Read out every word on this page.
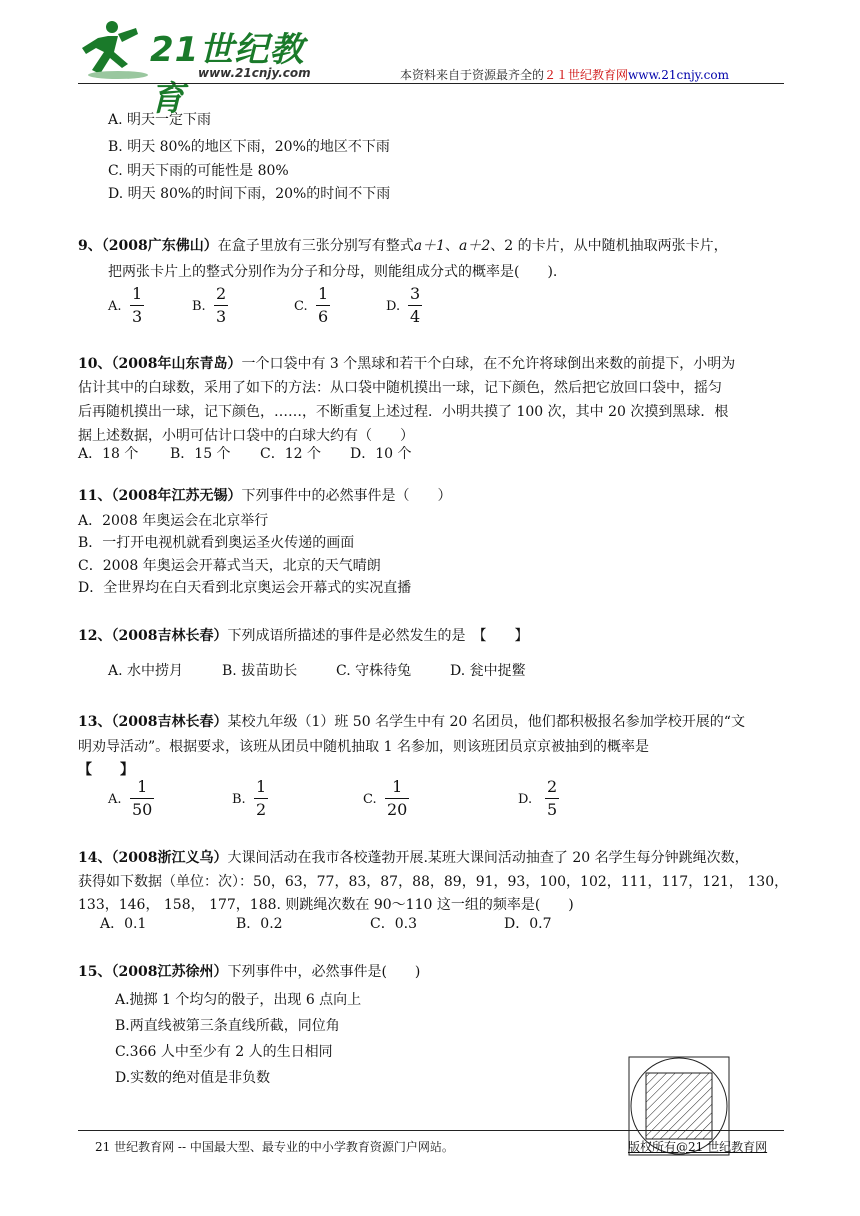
21世纪教育
www.21cnjy.com	本资料来自于资源最齐全的２１世纪教育网www.21cnjy.com
A. 明天一定下雨
B. 明天 80%的地区下雨，20%的地区不下雨
C. 明天下雨的可能性是 80%
D. 明天 80%的时间下雨，20%的时间不下雨
9、（2008广东佛山）在盒子里放有三张分别写有整式a＋1、a＋2、2 的卡片，从中随机抽取两张卡片，
把两张卡片上的整式分别作为分子和分母，则能组成分式的概率是(　　).
A.
1
3
B.
2
3
C.
1
6
D.
3
4
10、（2008年山东青岛）一个口袋中有 3 个黑球和若干个白球，在不允许将球倒出来数的前提下，小明为
估计其中的白球数，采用了如下的方法：从口袋中随机摸出一球，记下颜色，然后把它放回口袋中，摇匀
后再随机摸出一球，记下颜色，……，不断重复上述过程．小明共摸了 100 次，其中 20 次摸到黑球．根
据上述数据，小明可估计口袋中的白球大约有（　　）
A．18 个 B．15 个 C．12 个 D．10 个
11、（2008年江苏无锡）下列事件中的必然事件是（　　）
A．2008 年奥运会在北京举行
B．一打开电视机就看到奥运圣火传递的画面
C．2008 年奥运会开幕式当天，北京的天气晴朗
D．全世界均在白天看到北京奥运会开幕式的实况直播
12、（2008吉林长春）下列成语所描述的事件是必然发生的是　【　　】
A. 水中捞月	B. 拔苗助长	C. 守株待兔	D. 瓮中捉鳖
13、（2008吉林长春）某校九年级（1）班 50 名学生中有 20 名团员，他们都积极报名参加学校开展的“文
明劝导活动”。根据要求，该班从团员中随机抽取 1 名参加，则该班团员京京被抽到的概率是
【　　】
A.
1
50
B.
1
2
C.
1
20
D.
2
5
14、（2008浙江义乌）大课间活动在我市各校蓬勃开展.某班大课间活动抽查了 20 名学生每分钟跳绳次数，
获得如下数据（单位：次）：50，63，77，83，87，88，89，91，93，100，102，111，117，121， 130，
133，146， 158， 177，188. 则跳绳次数在 90～110 这一组的频率是(　　)
A．0.1	B．0.2	C．0.3	D．0.7
15、（2008江苏徐州）下列事件中，必然事件是(　　)
A.抛掷 1 个均匀的骰子，出现 6 点向上
B.两直线被第三条直线所截，同位角
C.366 人中至少有 2 人的生日相同
D.实数的绝对值是非负数
21 世纪教育网 -- 中国最大型、最专业的中小学教育资源门户网站。	版权所有@21 世纪教育网
